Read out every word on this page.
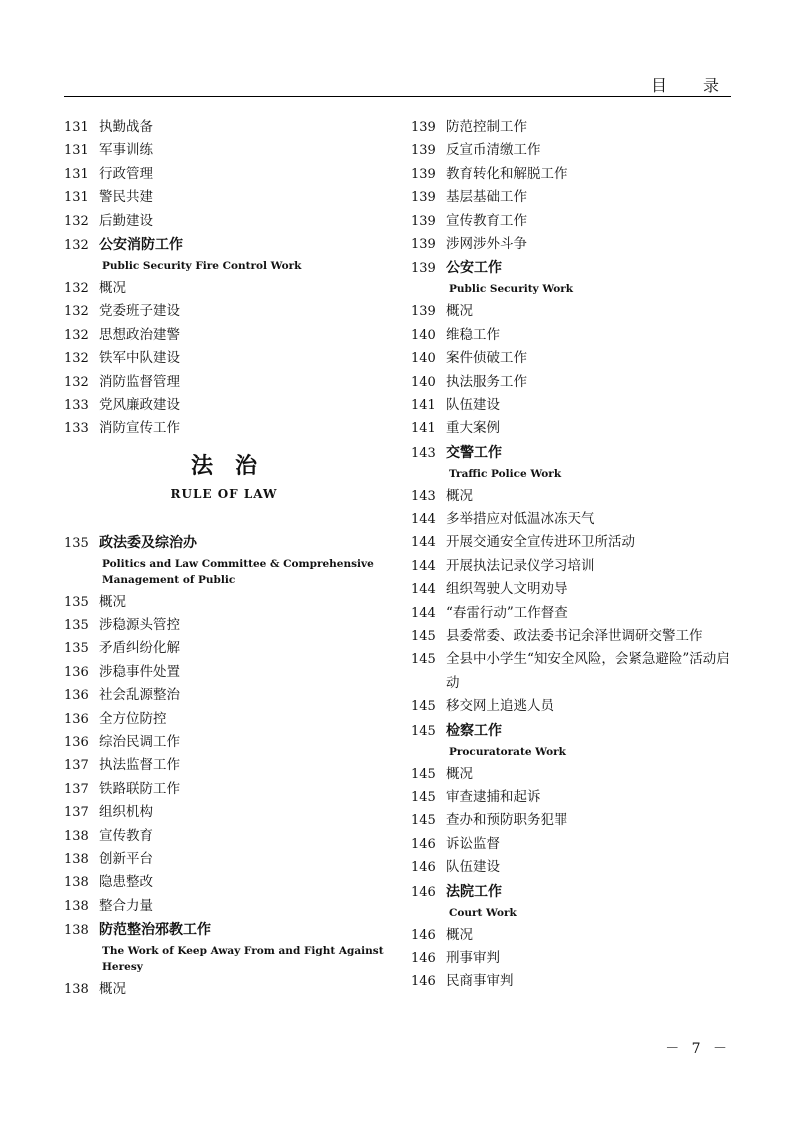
目　录
131 执勤战备
131 军事训练
131 行政管理
131 警民共建
132 后勤建设
132 公安消防工作
Public Security Fire Control Work
132 概况
132 党委班子建设
132 思想政治建警
132 铁军中队建设
132 消防监督管理
133 党风廉政建设
133 消防宣传工作
法治
RULE OF LAW
135 政法委及综治办
Politics and Law Committee & Comprehensive Management of Public
135 概况
135 涉稳源头管控
135 矛盾纠纷化解
136 涉稳事件处置
136 社会乱源整治
136 全方位防控
136 综治民调工作
137 执法监督工作
137 铁路联防工作
137 组织机构
138 宣传教育
138 创新平台
138 隐患整改
138 整合力量
138 防范整治邪教工作
The Work of Keep Away From and Fight Against Heresy
138 概况
139 防范控制工作
139 反宣币清缴工作
139 教育转化和解脱工作
139 基层基础工作
139 宣传教育工作
139 涉网涉外斗争
139 公安工作
Public Security Work
139 概况
140 维稳工作
140 案件侦破工作
140 执法服务工作
141 队伍建设
141 重大案例
143 交警工作
Traffic Police Work
143 概况
144 多举措应对低温冰冻天气
144 开展交通安全宣传进环卫所活动
144 开展执法记录仪学习培训
144 组织驾驶人文明劝导
144 “春雷行动”工作督查
145 县委常委、政法委书记余泽世调研交警工作
145 全县中小学生“知安全风险，会紧急避险”活动启动
145 移交网上追逃人员
145 检察工作
Procuratorate Work
145 概况
145 审查逮捕和起诉
145 查办和预防职务犯罪
146 诉讼监督
146 队伍建设
146 法院工作
Court Work
146 概况
146 刑事审判
146 民商事审判
－ 7 －
